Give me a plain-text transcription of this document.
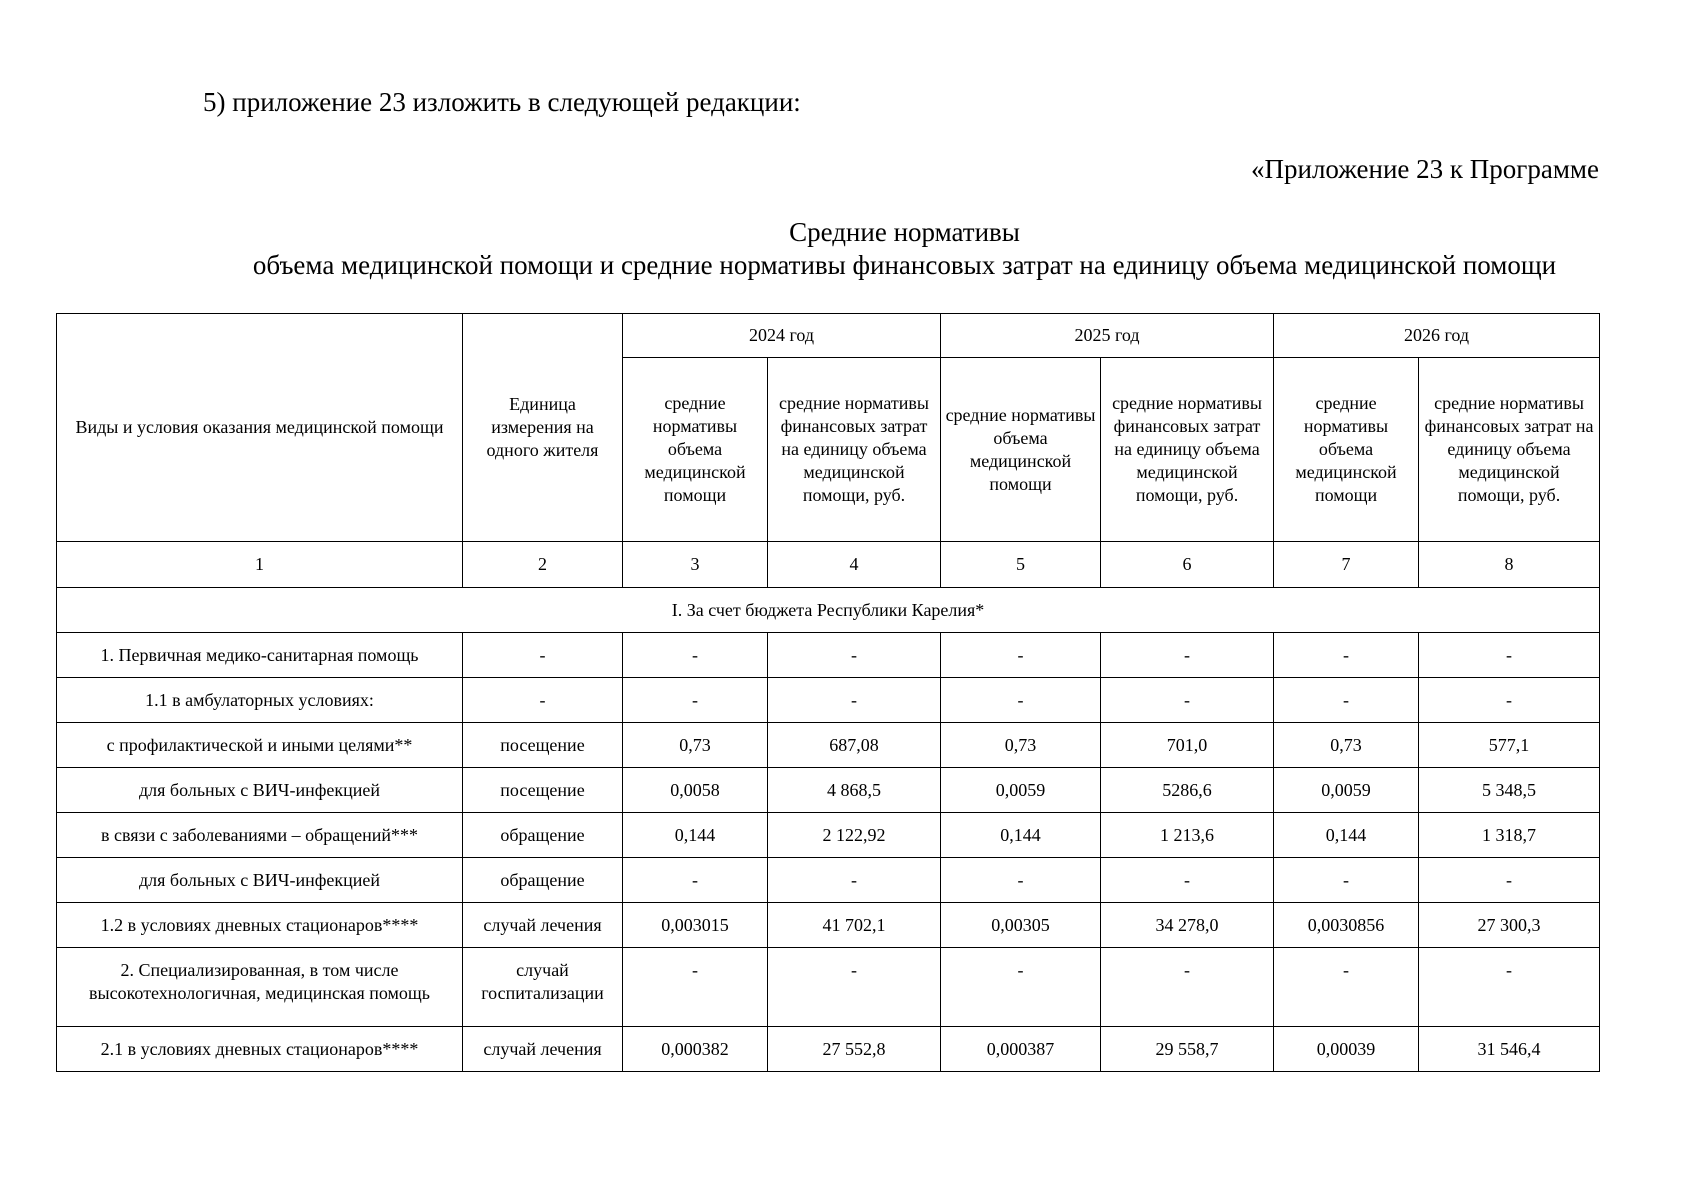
5) приложение 23 изложить в следующей редакции:
«Приложение 23 к Программе
Средние нормативы
объема медицинской помощи и средние нормативы финансовых затрат на единицу объема медицинской помощи
Виды и условия оказания медицинской помощи	Единица измерения на одного жителя	2024 год		2025 год		2026 год	
		средние нормативы объема медицинской помощи	средние нормативы финансовых затрат на единицу объема медицинской помощи, руб.	средние нормативы объема медицинской помощи	средние нормативы финансовых затрат на единицу объема медицинской помощи, руб.	средние нормативы объема медицинской помощи	средние нормативы финансовых затрат на единицу объема медицинской помощи, руб.
1	2	3	4	5	6	7	8
I. За счет бюджета Республики Карелия*							
1. Первичная медико-санитарная помощь	-	-	-	-	-	-	-
1.1 в амбулаторных условиях:	-	-	-	-	-	-	-
с профилактической и иными целями**	посещение	0,73	687,08	0,73	701,0	0,73	577,1
для больных с ВИЧ-инфекцией	посещение	0,0058	4 868,5	0,0059	5286,6	0,0059	5 348,5
в связи с заболеваниями – обращений***	обращение	0,144	2 122,92	0,144	1 213,6	0,144	1 318,7
для больных с ВИЧ-инфекцией	обращение	-	-	-	-	-	-
1.2 в условиях дневных стационаров****	случай лечения	0,003015	41 702,1	0,00305	34 278,0	0,0030856	27 300,3
2. Специализированная, в том числе высокотехнологичная, медицинская помощь	случай госпитализации	-	-	-	-	-	-
2.1 в условиях дневных стационаров****	случай лечения	0,000382	27 552,8	0,000387	29 558,7	0,00039	31 546,4
